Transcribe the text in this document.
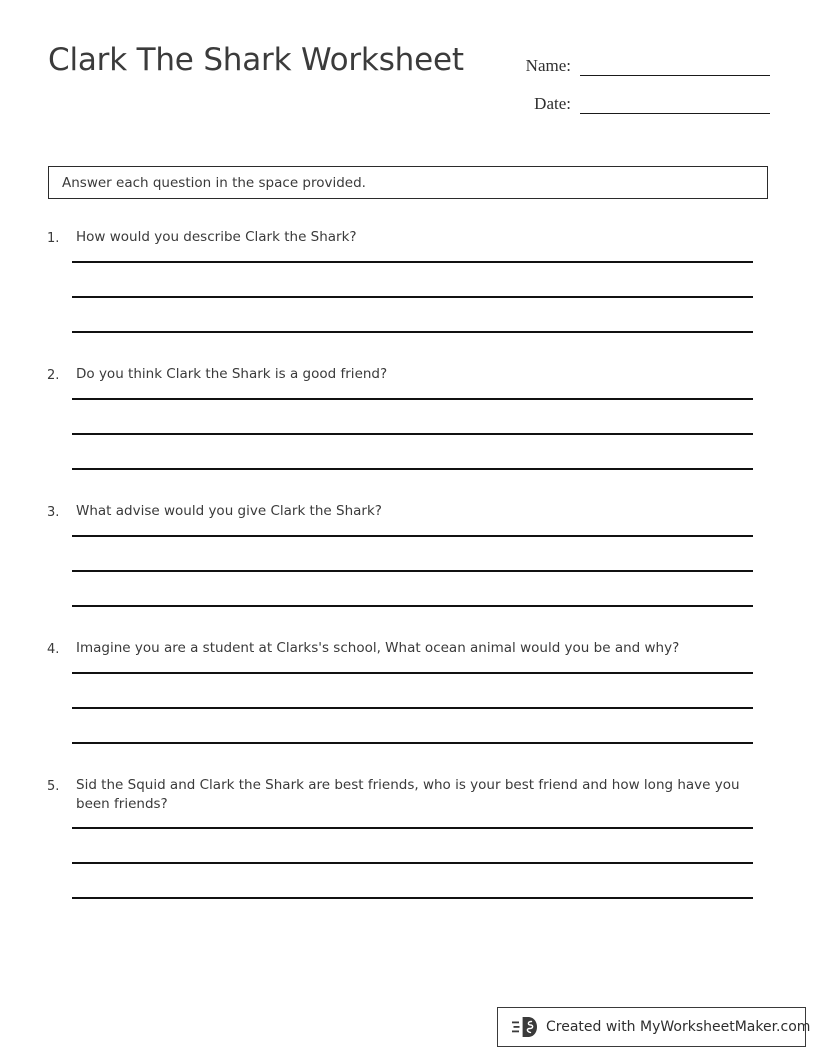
Clark The Shark Worksheet	Name:
Date:
Answer each question in the space provided.
1.	How would you describe Clark the Shark?
2.	Do you think Clark the Shark is a good friend?
3.	What advise would you give Clark the Shark?
4.	Imagine you are a student at Clarks's school, What ocean animal would you be and why?
5.	Sid the Squid and Clark the Shark are best friends, who is your best friend and how long have you been friends?
Created with MyWorksheetMaker.com
